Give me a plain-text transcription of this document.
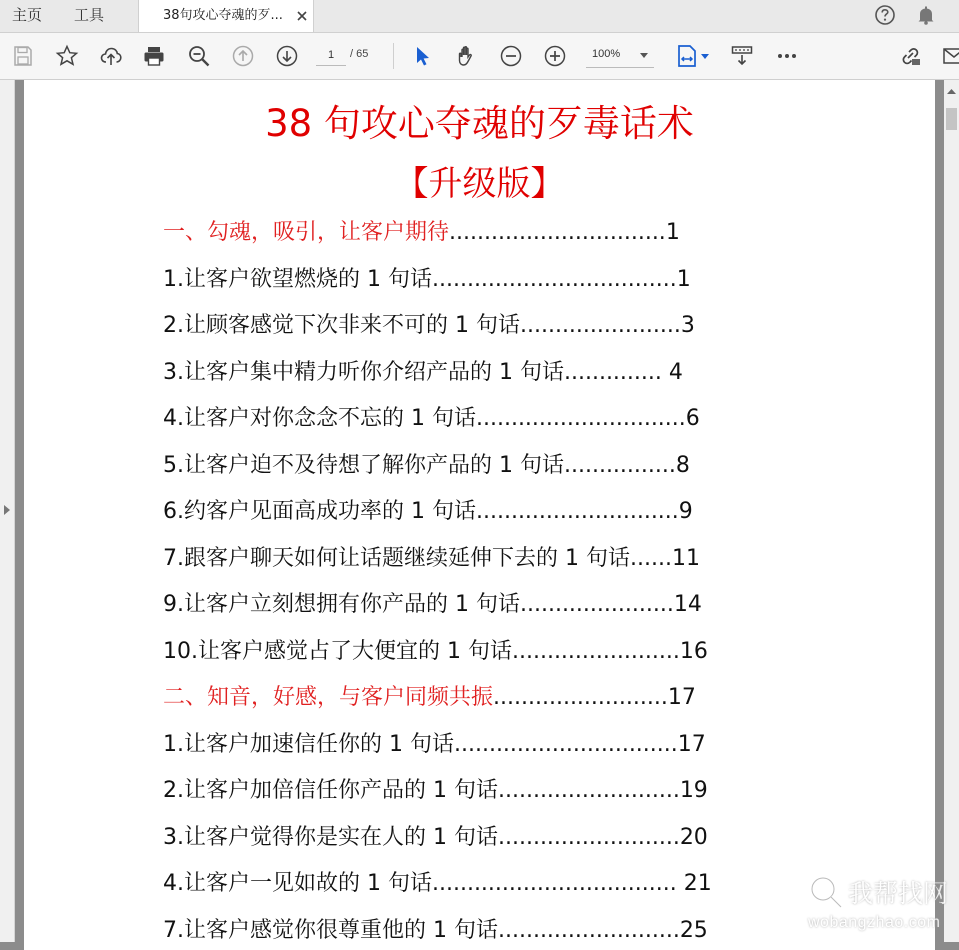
主页 工具	38句攻心夺魂的歹...
1
/ 65	100%
38 句攻心夺魂的歹毒话术
【升级版】
一、勾魂，吸引，让客户期待...............................1
1.让客户欲望燃烧的 1 句话...................................1
2.让顾客感觉下次非来不可的 1 句话.......................3
3.让客户集中精力听你介绍产品的 1 句话.............. 4
4.让客户对你念念不忘的 1 句话..............................6
5.让客户迫不及待想了解你产品的 1 句话................8
6.约客户见面高成功率的 1 句话.............................9
7.跟客户聊天如何让话题继续延伸下去的 1 句话......11
9.让客户立刻想拥有你产品的 1 句话......................14
10.让客户感觉占了大便宜的 1 句话........................16
二、知音，好感，与客户同频共振.........................17
1.让客户加速信任你的 1 句话................................17
2.让客户加倍信任你产品的 1 句话..........................19
3.让客户觉得你是实在人的 1 句话..........................20
4.让客户一见如故的 1 句话................................... 21
7.让客户感觉你很尊重他的 1 句话..........................25
我帮找网
wobangzhao.com
